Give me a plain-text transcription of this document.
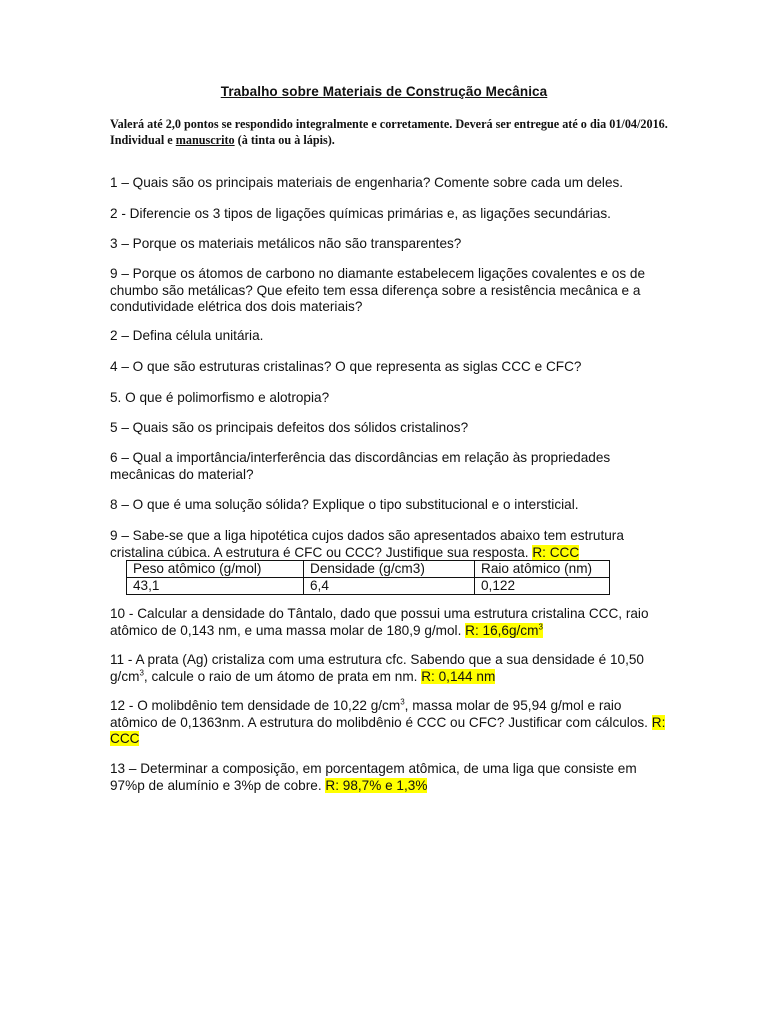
Trabalho sobre Materiais de Construção Mecânica
Valerá até 2,0 pontos se respondido integralmente e corretamente. Deverá ser entregue até o dia 01/04/2016. Individual e manuscrito (à tinta ou à lápis).
1 – Quais são os principais materiais de engenharia? Comente sobre cada um deles.
2 - Diferencie os 3 tipos de ligações químicas primárias e, as ligações secundárias.
3 – Porque os materiais metálicos não são transparentes?
9 – Porque os átomos de carbono no diamante estabelecem ligações covalentes e os de chumbo são metálicas? Que efeito tem essa diferença sobre a resistência mecânica e a condutividade elétrica dos dois materiais?
2 – Defina célula unitária.
4 – O que são estruturas cristalinas? O que representa as siglas CCC e CFC?
5. O que é polimorfismo e alotropia?
5 – Quais são os principais defeitos dos sólidos cristalinos?
6 – Qual a importância/interferência das discordâncias em relação às propriedades mecânicas do material?
8 – O que é uma solução sólida? Explique o tipo substitucional e o intersticial.
9 – Sabe-se que a liga hipotética cujos dados são apresentados abaixo tem estrutura cristalina cúbica. A estrutura é CFC ou CCC? Justifique sua resposta. R: CCC
Peso atômico (g/mol)	Densidade (g/cm3)	Raio atômico (nm)
43,1	6,4	0,122
10 - Calcular a densidade do Tântalo, dado que possui uma estrutura cristalina CCC, raio atômico de 0,143 nm, e uma massa molar de 180,9 g/mol. R: $16,6g/cm^3$
11 - A prata (Ag) cristaliza com uma estrutura cfc. Sabendo que a sua densidade é 10,50 $g/cm^3$, calcule o raio de um átomo de prata em nm. R: 0,144 nm
12 - O molibdênio tem densidade de 10,22 $g/cm^3$, massa molar de 95,94 g/mol e raio atômico de 0,1363nm. A estrutura do molibdênio é CCC ou CFC? Justificar com cálculos. R: CCC
13 – Determinar a composição, em porcentagem atômica, de uma liga que consiste em 97%p de alumínio e 3%p de cobre. R: 98,7% e 1,3%
